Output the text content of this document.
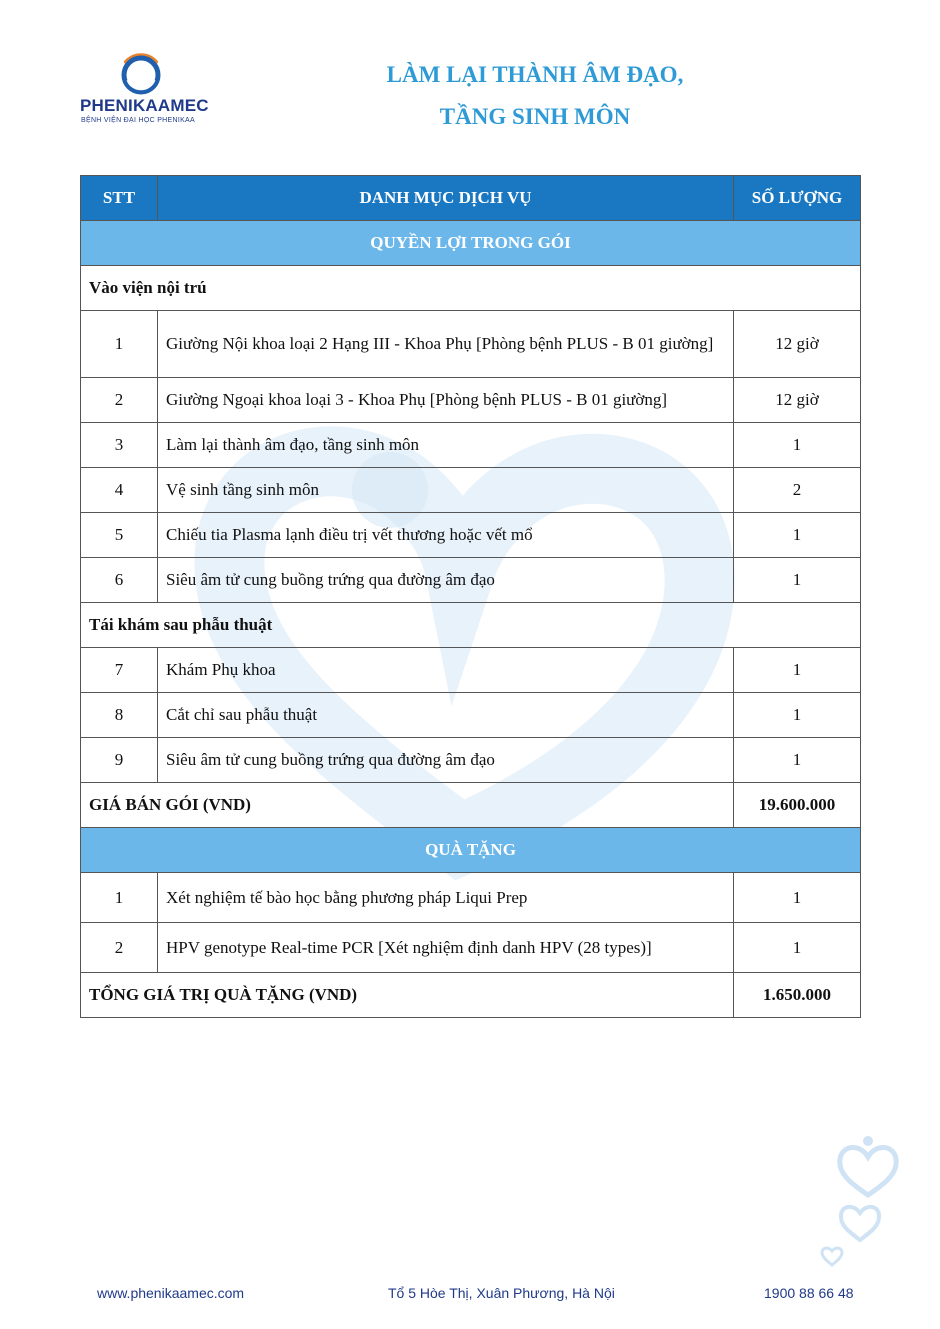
PHENIKAAMEC
BỆNH VIỆN ĐẠI HỌC PHENIKAA
LÀM LẠI THÀNH ÂM ĐẠO,
TẦNG SINH MÔN
STT	DANH MỤC DỊCH VỤ	SỐ LƯỢNG
QUYỀN LỢI TRONG GÓI		
Vào viện nội trú		
1	Giường Nội khoa loại 2 Hạng III - Khoa Phụ [Phòng bệnh PLUS - B 01 giường]	12 giờ
2	Giường Ngoại khoa loại 3 - Khoa Phụ [Phòng bệnh PLUS - B 01 giường]	12 giờ
3	Làm lại thành âm đạo, tầng sinh môn	1
4	Vệ sinh tầng sinh môn	2
5	Chiếu tia Plasma lạnh điều trị vết thương hoặc vết mổ	1
6	Siêu âm tử cung buồng trứng qua đường âm đạo	1
Tái khám sau phẫu thuật		
7	Khám Phụ khoa	1
8	Cắt chỉ sau phẫu thuật	1
9	Siêu âm tử cung buồng trứng qua đường âm đạo	1
GIÁ BÁN GÓI (VND)		19.600.000
QUÀ TẶNG		
1	Xét nghiệm tế bào học bằng phương pháp Liqui Prep	1
2	HPV genotype Real-time PCR [Xét nghiệm định danh HPV (28 types)]	1
TỔNG GIÁ TRỊ QUÀ TẶNG (VND)		1.650.000
www.phenikaamec.com	Tổ 5 Hòe Thị, Xuân Phương, Hà Nội	1900 88 66 48
